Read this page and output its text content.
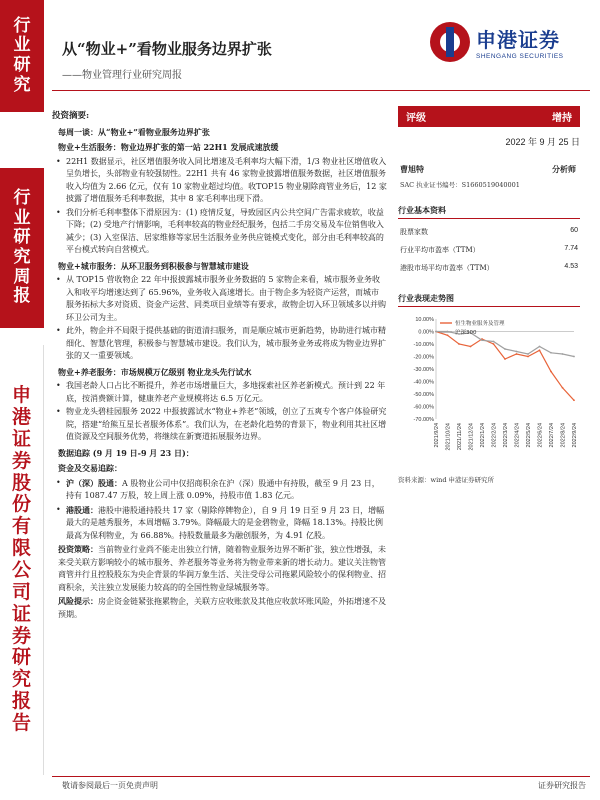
行
业
研
究
行
业
研
究
周
报
申
港
证
券
股
份
有
限
公
司
证
券
研
究
报
告
从“物业+”看物业服务边界扩张
——物业管理行业研究周报
申港证券
SHENGANG SECURITIES
投资摘要:
每周一谈：从“物业+”看物业服务边界扩张
物业+生活服务：物业边界扩张的第一站 22H1 发展成速放缓
• 22H1 数据显示，社区增值服务收入同比增速及毛利率均大幅下滑，1/3 物业社区增值收入呈负增长，头部物业有较强韧性。22H1 共有 46 家物业披露增值服务数据，社区增值服务收入均值为 2.66 亿元，仅有 10 家物业超过均值。收TOP15 物业剔除商管业务后，12 家披露了增值服务毛利率数据，其中 8 家毛利率出现下滑。
• 我们分析毛利率整体下滑原因为：(1) 疫情反复，导致园区内公共空间广告需求疲软，收益下降；(2) 受地产行情影响，毛利率较高的物业经纪服务，包括二手房交易及车位销售收入减少；(3) 入室保洁、居家维修等家居生活服务业务供应链模式变化，部分由毛利率较高的平台模式转向自营模式。
物业+城市服务：从环卫服务到积极参与智慧城市建设
• 从 TOP15 营收物企 22 年中报披露城市服务业务数据的 5 家物企来看，城市服务业务收入和收平均增速达到了 65.96%，业务收入高速增长。由于物企多为轻资产运营，而城市服务拓标大多对资质、资金产运营、同类项目业绩等有要求，故物企切入环卫领域多以并购环卫公司为主。
• 此外，物企并不局限于提供基础的街道清扫服务，而是顺应城市更新趋势，协助进行城市精细化、智慧化管理，积极参与智慧城市建设。我们认为，城市服务业务或将成为物业边界扩张的又一重要领域。
物业+养老服务：市场规模万亿级别 物业龙头先行试水
• 我国老龄人口占比不断提升，养老市场增量巨大，多地探索社区养老新模式。预计到 22 年底，按消费额计算，健康养老产业规模将达 6.5 万亿元。
• 物业龙头碧桂园服务 2022 中报披露试水“物业+养老”领域，创立了五爽专个客户体验研究院，搭建“给熊互星长者服务体系”。我们认为，在老龄化趋势的背景下，物业利用其社区增值资源及空间服务优势，将继续在新赛道拓展服务边界。
数据追踪 (9 月 19 日-9 月 23 日)：
资金及交易追踪：
• 沪（深）股通：A 股物业公司中仅招商积余在沪（深）股通中有持股，截至 9 月 23 日，持有 1087.47 万股，较上周上涨 0.09%，持股市值 1.83 亿元。
• 港股通：港股中港股通持股共 17 家（剔除停牌物企），自 9 月 19 日至 9 月 23 日，增幅最大的是越秀服务，本周增幅 3.79%。降幅最大的是金碧物业，降幅 18.13%。持股比例最高为保利物业，为 66.88%。持股数量最多为融创服务，为 4.91 亿股。
投资策略：当前物业行业尚不能走出独立行情，随着物业服务边界不断扩张，独立性增强，未来受关联方影响较小的城市服务、养老服务等业务将为物业带来新的增长动力。建议关注物管商管并行且控股股东为央企背景的华润万象生活、关注受母公司拖累风险较小的保利物业、招商积余，关注独立发展能力较高的的全国性物业绿城服务等。
风险提示：房企资金链紧张拖累物企，关联方应收账款及其他应收款坏账风险，外拓增速不及预期。
评级	增持
2022 年 9 月 25 日
曹旭特	分析师
SAC 执业证书编号：S1660519040001
行业基本资料
股票家数	60
行业平均市盈率（TTM）	7.74
港股市场平均市盈率（TTM）	4.53
行业表现走势图
10.00%
0.00%
-10.00%
-20.00%
-30.00%
-40.00%
-50.00%
-60.00%
-70.00%
2021/9/24 2021/10/24 2021/11/24 2021/12/24 2022/1/24 2022/2/24 2022/3/24 2022/4/24 2022/5/24 2022/6/24 2022/7/24 2022/8/24 2022/9/24
恒生物业服务及管理
沪深300
资料来源：wind 申港证券研究所
敬请参阅最后一页免责声明	证券研究报告
